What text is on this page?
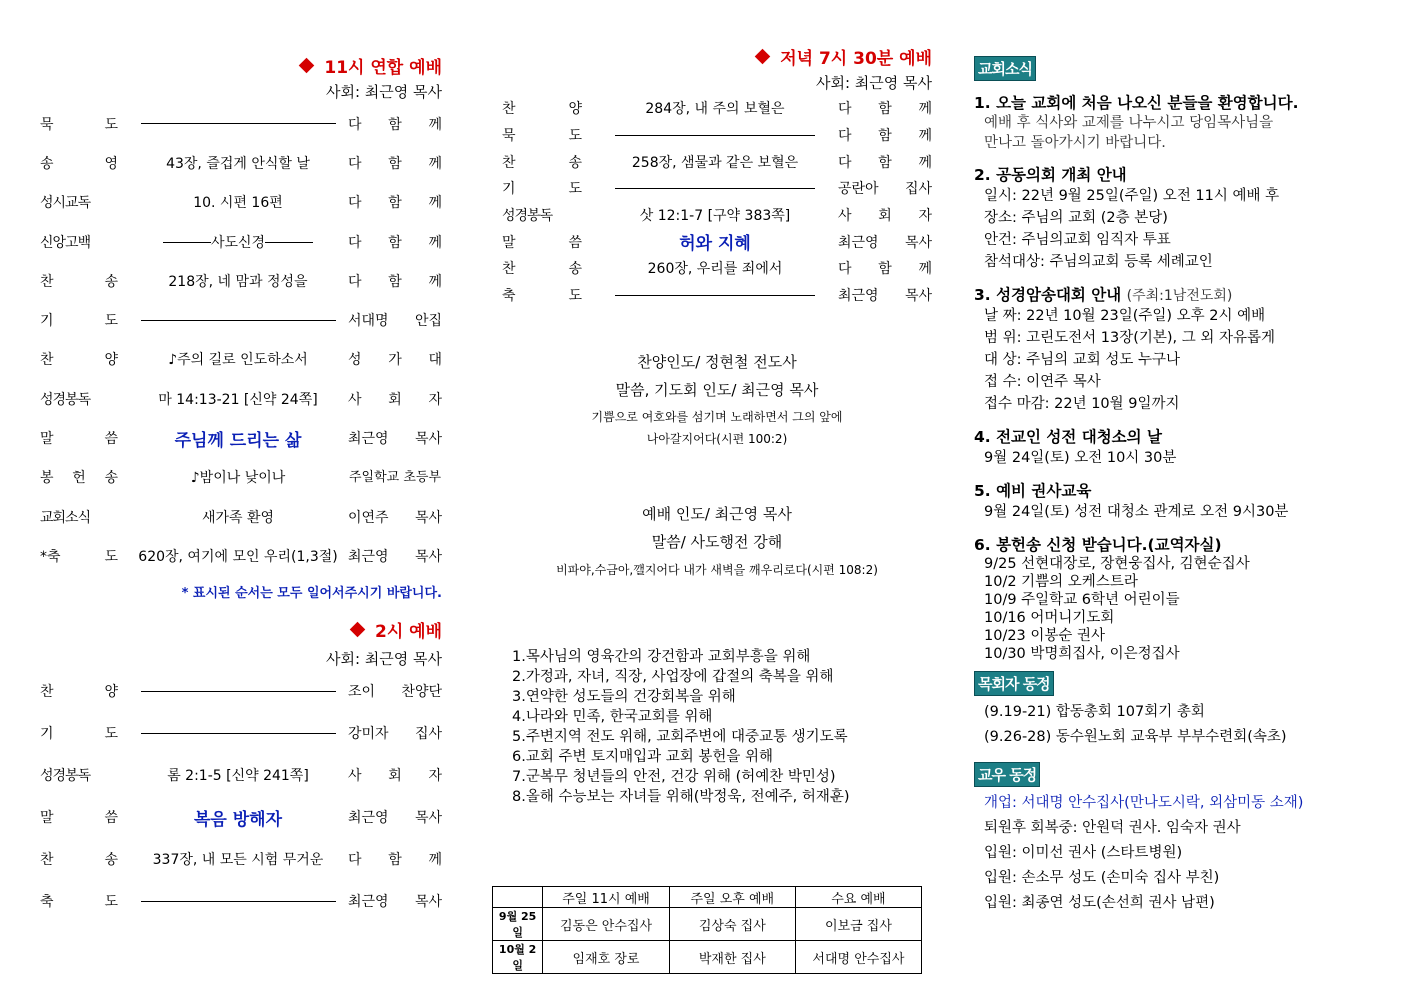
11시 연합 예배
사회: 최근영 목사
묵 도	다 함 께
송 영	43장, 즐겁게 안식할 날	다 함 께
성시교독	10. 시편 16편	다 함 께
신앙고백	사도신경	다 함 께
찬 송	218장, 네 맘과 정성을	다 함 께
기 도	서대명 안집
찬 양	♪주의 길로 인도하소서	성 가 대
성경봉독	마 14:13-21 [신약 24쪽]	사 회 자
말 씀	주님께 드리는 삶	최근영 목사
봉 헌 송	♪밤이나 낮이나	주일학교 초등부
교회소식	새가족 환영	이연주 목사
*축 도	620장, 여기에 모인 우리(1,3절) 최근영 목사
* 표시된 순서는 모두 일어서주시기 바랍니다.
2시 예배
사회: 최근영 목사
찬 양	조이 찬양단
기 도	강미자 집사
성경봉독	롬 2:1-5 [신약 241쪽]	사 회 자
말 씀	복음 방해자	최근영 목사
찬 송	337장, 내 모든 시험 무거운	다 함 께
축 도	최근영 목사
저녁 7시 30분 예배
사회: 최근영 목사
찬 양	284장, 내 주의 보혈은	다 함 께
묵 도	다 함 께
찬 송	258장, 샘물과 같은 보혈은	다 함 께
기 도	공란아 집사
성경봉독	삿 12:1-7 [구약 383쪽]	사 회 자
말 씀	허와 지혜	최근영 목사
찬 송	260장, 우리를 죄에서	다 함 께
축 도	최근영 목사
찬양인도/ 정현철 전도사
말씀, 기도회 인도/ 최근영 목사
기쁨으로 여호와를 섬기며 노래하면서 그의 앞에
나아갈지어다(시편 100:2)
예배 인도/ 최근영 목사
말씀/ 사도행전 강해
비파야,수금아,깰지어다 내가 새벽을 깨우리로다(시편 108:2)
1.목사님의 영육간의 강건함과 교회부흥을 위해
2.가정과, 자녀, 직장, 사업장에 갑절의 축복을 위해
3.연약한 성도들의 건강회복을 위해
4.나라와 민족, 한국교회를 위해
5.주변지역 전도 위해, 교회주변에 대중교통 생기도록
6.교회 주변 토지매입과 교회 봉헌을 위해
7.군복무 청년들의 안전, 건강 위해 (허예찬 박민성)
8.올해 수능보는 자녀들 위해(박정욱, 전예주, 허재훈)
	주일 11시 예배	주일 오후 예배	수요 예배
9월 25일	김동은 안수집사	김상숙 집사	이보금 집사
10월 2일	임재호 장로	박재한 집사	서대명 안수집사
교회소식
1. 오늘 교회에 처음 나오신 분들을 환영합니다.
예배 후 식사와 교제를 나누시고 당임목사님을
만나고 돌아가시기 바랍니다.
2. 공동의회 개최 안내
일시: 22년 9월 25일(주일) 오전 11시 예배 후
장소: 주님의 교회 (2층 본당)
안건: 주님의교회 임직자 투표
참석대상: 주님의교회 등록 세례교인
3. 성경암송대회 안내 (주최:1남전도회)
날 짜: 22년 10월 23일(주일) 오후 2시 예배
범 위: 고린도전서 13장(기본), 그 외 자유롭게
대 상: 주님의 교회 성도 누구나
접 수: 이연주 목사
접수 마감: 22년 10월 9일까지
4. 전교인 성전 대청소의 날
9월 24일(토) 오전 10시 30분
5. 예비 권사교육
9월 24일(토) 성전 대청소 관계로 오전 9시30분
6. 봉헌송 신청 받습니다.(교역자실)
9/25 선현대장로, 장현웅집사, 김현순집사
10/2 기쁨의 오케스트라
10/9 주일학교 6학년 어린이들
10/16 어머니기도회
10/23 이봉순 권사
10/30 박명희집사, 이은정집사
목회자 동정
(9.19-21) 합동총회 107회기 총회
(9.26-28) 동수원노회 교육부 부부수련회(속초)
교우 동정
개업: 서대명 안수집사(만나도시락, 외삼미동 소재)
퇴원후 회복중: 안원덕 권사. 임숙자 권사
입원: 이미선 권사 (스타트병원)
입원: 손소무 성도 (손미숙 집사 부친)
입원: 최종연 성도(손선희 권사 남편)
